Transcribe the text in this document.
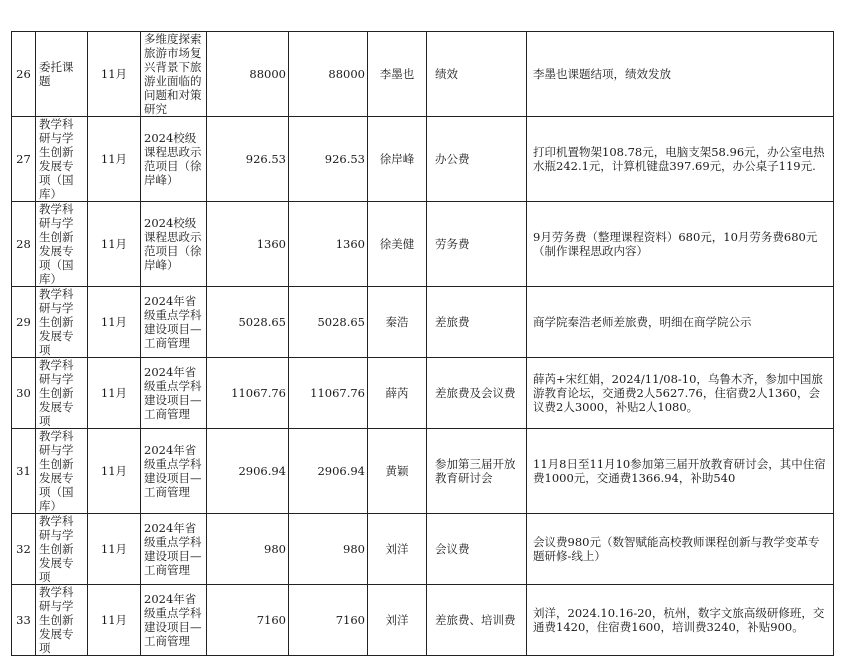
26	委托课题	11月	多维度探索旅游市场复兴背景下旅游业面临的问题和对策研究	88000	88000	李墨也	绩效	李墨也课题结项，绩效发放
27	教学科研与学生创新发展专项（国库）	11月	2024校级课程思政示范项目（徐岸峰）	926.53	926.53	徐岸峰	办公费	打印机置物架108.78元，电脑支架58.96元，办公室电热水瓶242.1元，计算机键盘397.69元，办公桌子119元.
28	教学科研与学生创新发展专项（国库）	11月	2024校级课程思政示范项目（徐岸峰）	1360	1360	徐美健	劳务费	9月劳务费（整理课程资料）680元，10月劳务费680元（制作课程思政内容）
29	教学科研与学生创新发展专项	11月	2024年省级重点学科建设项目—工商管理	5028.65	5028.65	秦浩	差旅费	商学院秦浩老师差旅费，明细在商学院公示
30	教学科研与学生创新发展专项	11月	2024年省级重点学科建设项目—工商管理	11067.76	11067.76	薛芮	差旅费及会议费	薛芮+宋红娟，2024/11/08-10，乌鲁木齐，参加中国旅游教育论坛，交通费2人5627.76，住宿费2人1360，会议费2人3000，补贴2人1080。
31	教学科研与学生创新发展专项（国库）	11月	2024年省级重点学科建设项目—工商管理	2906.94	2906.94	黄颖	参加第三届开放教育研讨会	11月8日至11月10参加第三届开放教育研讨会，其中住宿费1000元，交通费1366.94，补助540
32	教学科研与学生创新发展专项	11月	2024年省级重点学科建设项目—工商管理	980	980	刘洋	会议费	会议费980元（数智赋能高校教师课程创新与教学变革专题研修-线上）
33	教学科研与学生创新发展专项	11月	2024年省级重点学科建设项目—工商管理	7160	7160	刘洋	差旅费、培训费	刘洋，2024.10.16-20，杭州，数字文旅高级研修班，交通费1420，住宿费1600，培训费3240，补贴900。
